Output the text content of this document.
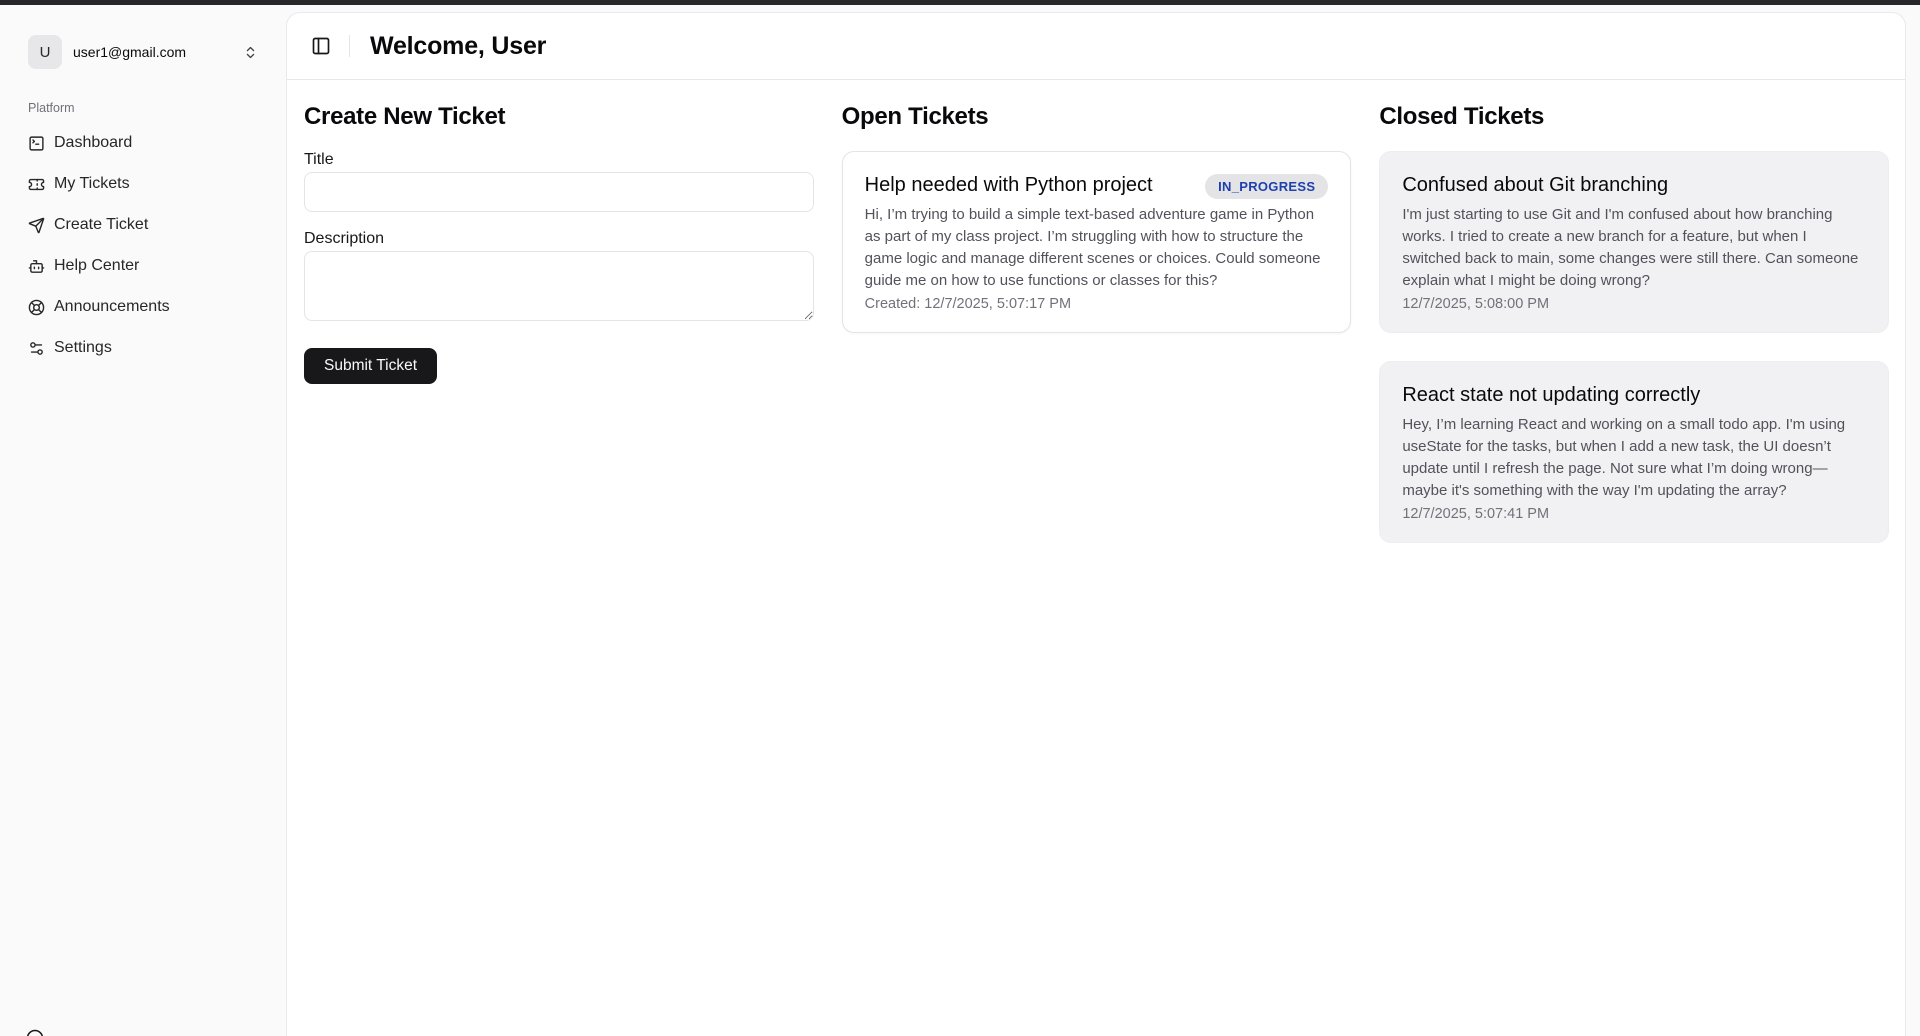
U user1@gmail.com
Platform
Dashboard
My Tickets
Create Ticket
Help Center
Announcements
Settings
Welcome, User
Create New Ticket
Title
Description
Submit Ticket
Open Tickets
Help needed with Python project	IN_PROGRESS

Hi, I’m trying to build a simple text-based adventure game in Python as part of my class project. I’m struggling with how to structure the game logic and manage different scenes or choices. Could someone guide me on how to use functions or classes for this?

Created: 12/7/2025, 5:07:17 PM
Closed Tickets
Confused about Git branching

I'm just starting to use Git and I'm confused about how branching works. I tried to create a new branch for a feature, but when I switched back to main, some changes were still there. Can someone explain what I might be doing wrong?

12/7/2025, 5:08:00 PM
React state not updating correctly

Hey, I’m learning React and working on a small todo app. I'm using useState for the tasks, but when I add a new task, the UI doesn’t update until I refresh the page. Not sure what I’m doing wrong—maybe it's something with the way I'm updating the array?

12/7/2025, 5:07:41 PM
